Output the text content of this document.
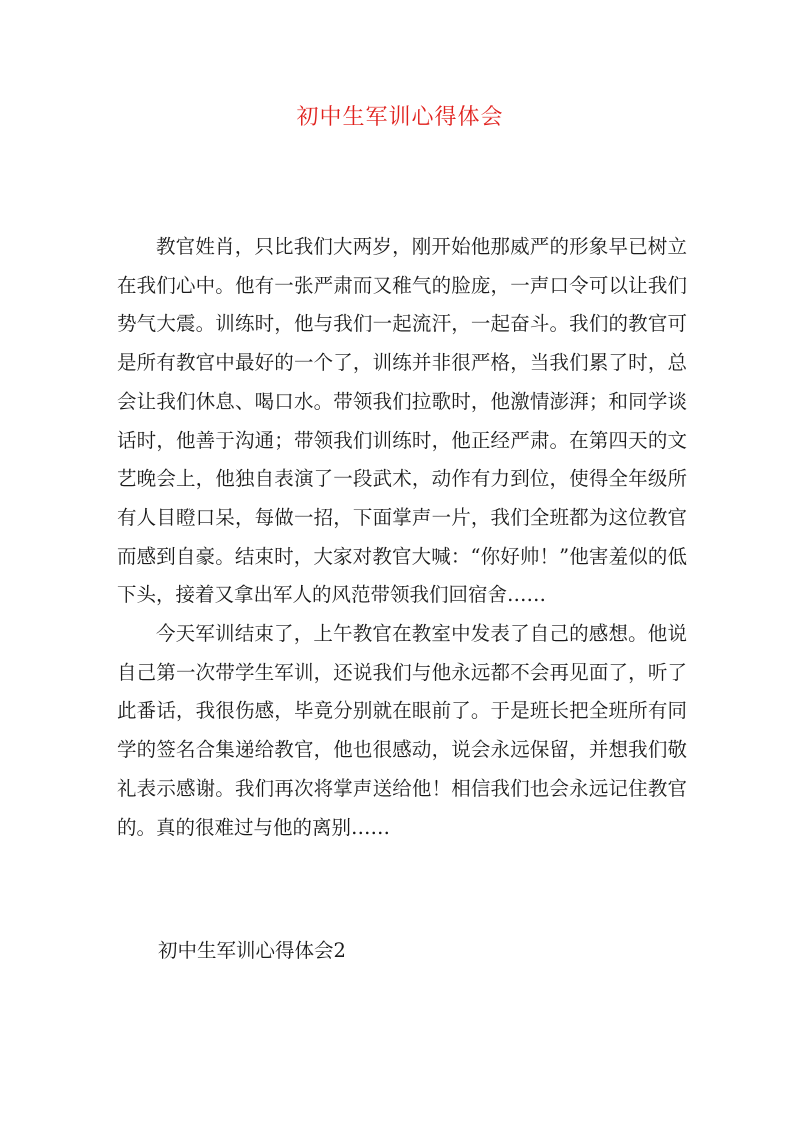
初中生军训心得体会

教官姓肖，只比我们大两岁，刚开始他那威严的形象早已树立在我们心中。他有一张严肃而又稚气的脸庞，一声口令可以让我们势气大震。训练时，他与我们一起流汗，一起奋斗。我们的教官可是所有教官中最好的一个了，训练并非很严格，当我们累了时，总会让我们休息、喝口水。带领我们拉歌时，他激情澎湃；和同学谈话时，他善于沟通；带领我们训练时，他正经严肃。在第四天的文艺晚会上，他独自表演了一段武术，动作有力到位，使得全年级所有人目瞪口呆，每做一招，下面掌声一片，我们全班都为这位教官而感到自豪。结束时，大家对教官大喊：“你好帅！”他害羞似的低下头，接着又拿出军人的风范带领我们回宿舍……

今天军训结束了，上午教官在教室中发表了自己的感想。他说自己第一次带学生军训，还说我们与他永远都不会再见面了，听了此番话，我很伤感，毕竟分别就在眼前了。于是班长把全班所有同学的签名合集递给教官，他也很感动，说会永远保留，并想我们敬礼表示感谢。我们再次将掌声送给他！相信我们也会永远记住教官的。真的很难过与他的离别……

初中生军训心得体会2
